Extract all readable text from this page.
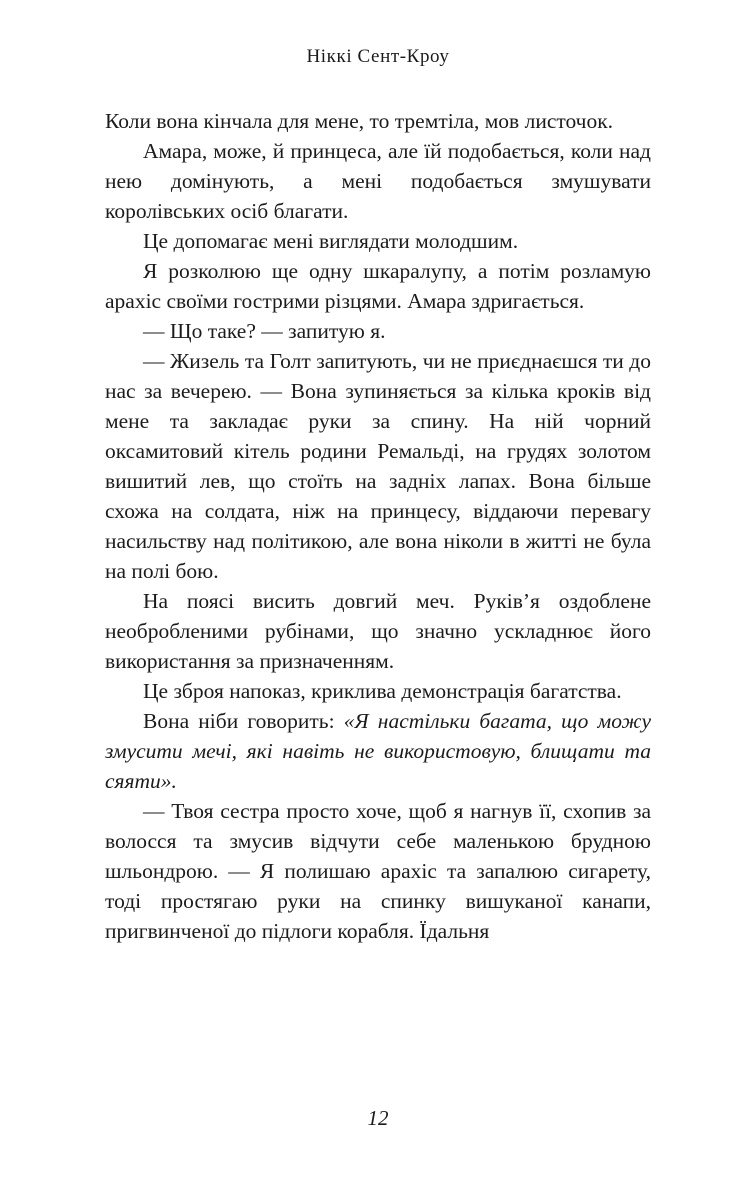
Ніккі Сент-Кроу

Коли вона кінчала для мене, то тремтіла, мов листочок.

Амара, може, й принцеса, але їй подобається, коли над нею домінують, а мені подобається змушувати королівських осіб благати.

Це допомагає мені виглядати молодшим.

Я розколюю ще одну шкаралупу, а потім розламую арахіс своїми гострими різцями. Амара здригається.

— Що таке? — запитую я.

— Жизель та Голт запитують, чи не приєднаєшся ти до нас за вечерею. — Вона зупиняється за кілька кроків від мене та закладає руки за спину. На ній чорний оксамитовий кітель родини Ремальді, на грудях золотом вишитий лев, що стоїть на задніх лапах. Вона більше схожа на солдата, ніж на принцесу, віддаючи перевагу насильству над політикою, але вона ніколи в житті не була на полі бою.

На поясі висить довгий меч. Руків’я оздоблене необробленими рубінами, що значно ускладнює його використання за призначенням.

Це зброя напоказ, криклива демонстрація багатства.

Вона ніби говорить: «Я настільки багата, що можу змусити мечі, які навіть не використовую, блищати та сяяти».

— Твоя сестра просто хоче, щоб я нагнув її, схопив за волосся та змусив відчути себе маленькою брудною шльондрою. — Я полишаю арахіс та запалюю сигарету, тоді простягаю руки на спинку вишуканої канапи, пригвинченої до підлоги корабля. Їдальня

12
